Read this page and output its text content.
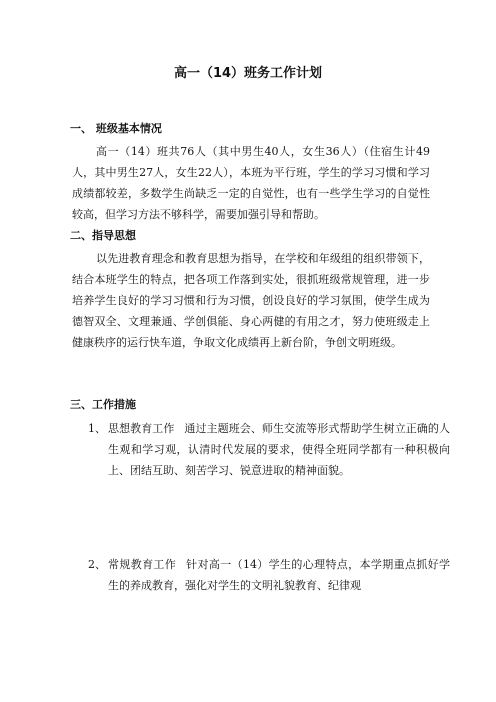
高一（14）班务工作计划
一、 班级基本情况

高一（14）班共76人（其中男生40人，女生36人）（住宿生计49人，其中男生27人，女生22人），本班为平行班，学生的学习习惯和学习成绩都较差，多数学生尚缺乏一定的自觉性，也有一些学生学习的自觉性较高，但学习方法不够科学，需要加强引导和帮助。

二、指导思想

以先进教育理念和教育思想为指导，在学校和年级组的组织带领下，结合本班学生的特点，把各项工作落到实处，很抓班级常规管理，进一步培养学生良好的学习习惯和行为习惯，创设良好的学习氛围，使学生成为德智双全、文理兼通、学创俱能、身心两健的有用之才，努力使班级走上健康秩序的运行快车道，争取文化成绩再上新台阶，争创文明班级。

三、工作措施
1、 思想教育工作 通过主题班会、师生交流等形式帮助学生树立正确的人生观和学习观，认清时代发展的要求，使得全班同学都有一种积极向上、团结互助、刻苦学习、锐意进取的精神面貌。
2、 常规教育工作 针对高一（14）学生的心理特点，本学期重点抓好学生的养成教育，强化对学生的文明礼貌教育、纪律观
